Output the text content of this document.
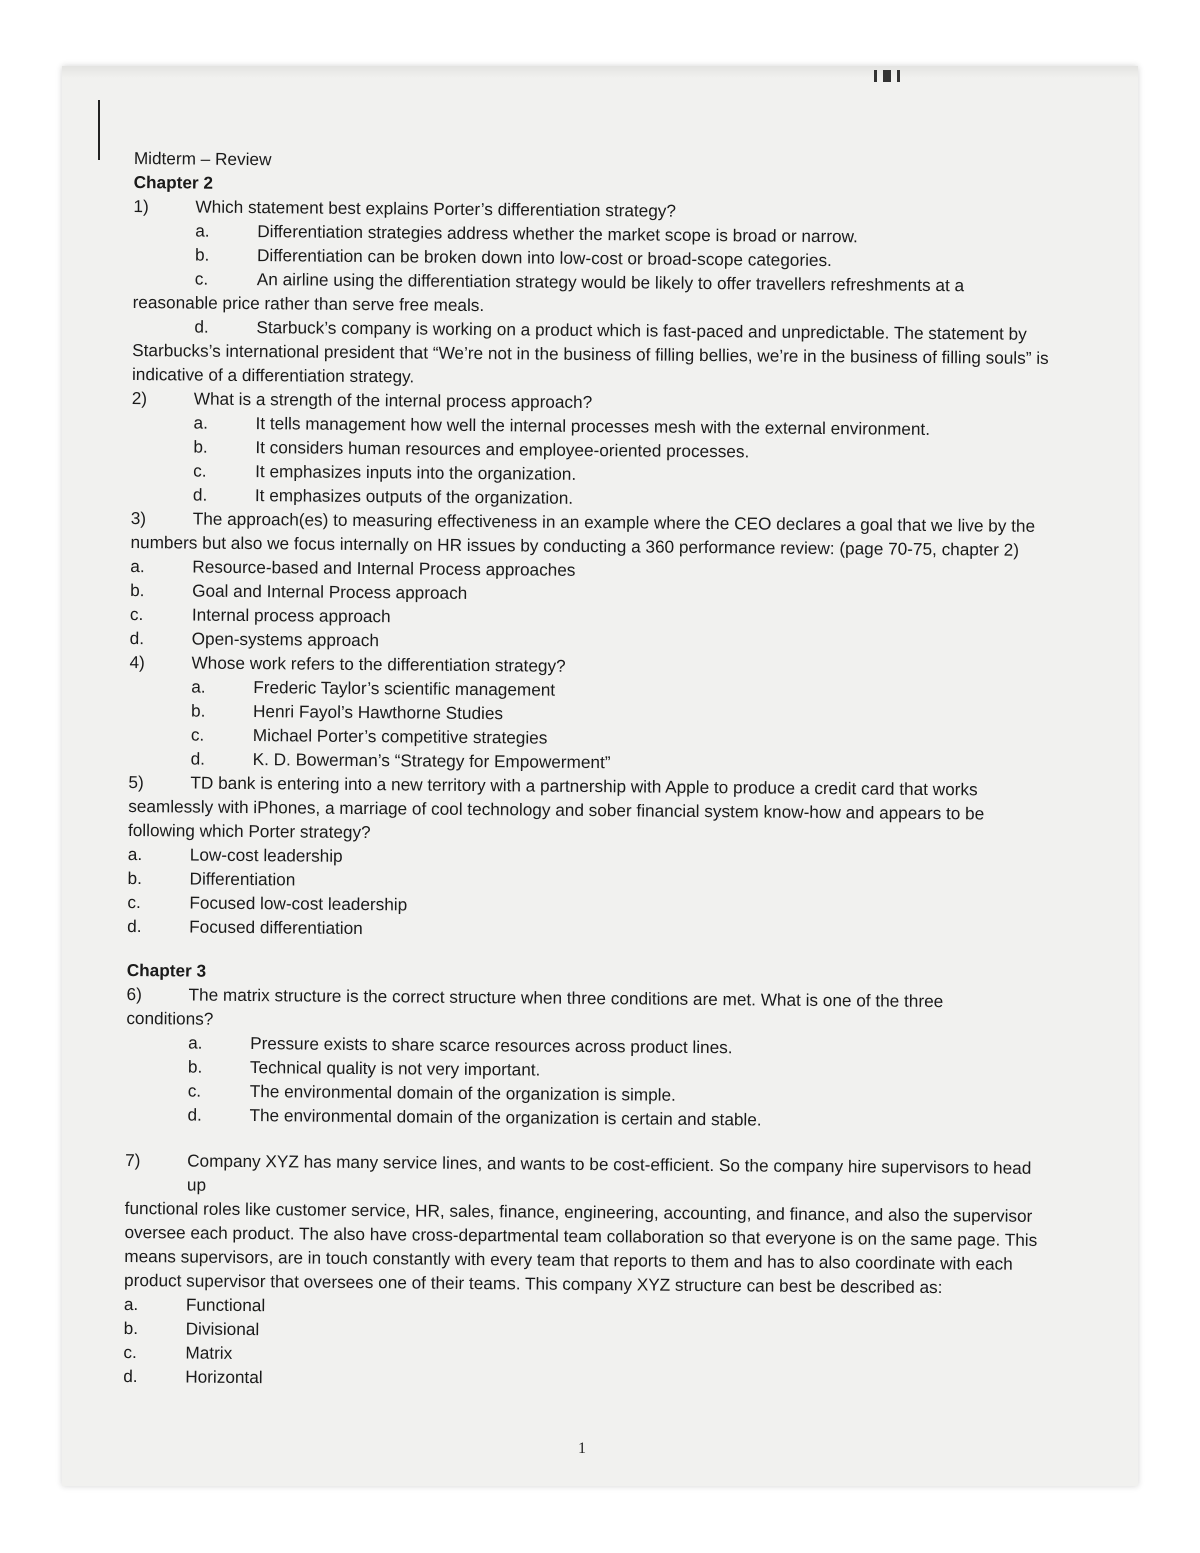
Midterm – Review
Chapter 2
1)	Which statement best explains Porter’s differentiation strategy?
a.	Differentiation strategies address whether the market scope is broad or narrow.
b.	Differentiation can be broken down into low-cost or broad-scope categories.
c.	An airline using the differentiation strategy would be likely to offer travellers refreshments at a
reasonable price rather than serve free meals.
d.	Starbuck’s company is working on a product which is fast-paced and unpredictable. The statement by
Starbucks’s international president that “We’re not in the business of filling bellies, we’re in the business of filling souls” is indicative of a differentiation strategy.
2)	What is a strength of the internal process approach?
a.	It tells management how well the internal processes mesh with the external environment.
b.	It considers human resources and employee-oriented processes.
c.	It emphasizes inputs into the organization.
d.	It emphasizes outputs of the organization.
3)	The approach(es) to measuring effectiveness in an example where the CEO declares a goal that we live by the
numbers but also we focus internally on HR issues by conducting a 360 performance review: (page 70-75, chapter 2)
a.	Resource-based and Internal Process approaches
b.	Goal and Internal Process approach
c.	Internal process approach
d.	Open-systems approach
4)	Whose work refers to the differentiation strategy?
a.	Frederic Taylor’s scientific management
b.	Henri Fayol’s Hawthorne Studies
c.	Michael Porter’s competitive strategies
d.	K. D. Bowerman’s “Strategy for Empowerment”
5)	TD bank is entering into a new territory with a partnership with Apple to produce a credit card that works
seamlessly with iPhones, a marriage of cool technology and sober financial system know-how and appears to be following which Porter strategy?
a.	Low-cost leadership
b.	Differentiation
c.	Focused low-cost leadership
d.	Focused differentiation
Chapter 3
6)	The matrix structure is the correct structure when three conditions are met. What is one of the three
conditions?
a.	Pressure exists to share scarce resources across product lines.
b.	Technical quality is not very important.
c.	The environmental domain of the organization is simple.
d.	The environmental domain of the organization is certain and stable.
7)	Company XYZ has many service lines, and wants to be cost-efficient. So the company hire supervisors to head up
functional roles like customer service, HR, sales, finance, engineering, accounting, and finance, and also the supervisor oversee each product. The also have cross-departmental team collaboration so that everyone is on the same page. This means supervisors, are in touch constantly with every team that reports to them and has to also coordinate with each product supervisor that oversees one of their teams. This company XYZ structure can best be described as:
a.	Functional
b.	Divisional
c.	Matrix
d.	Horizontal
1
